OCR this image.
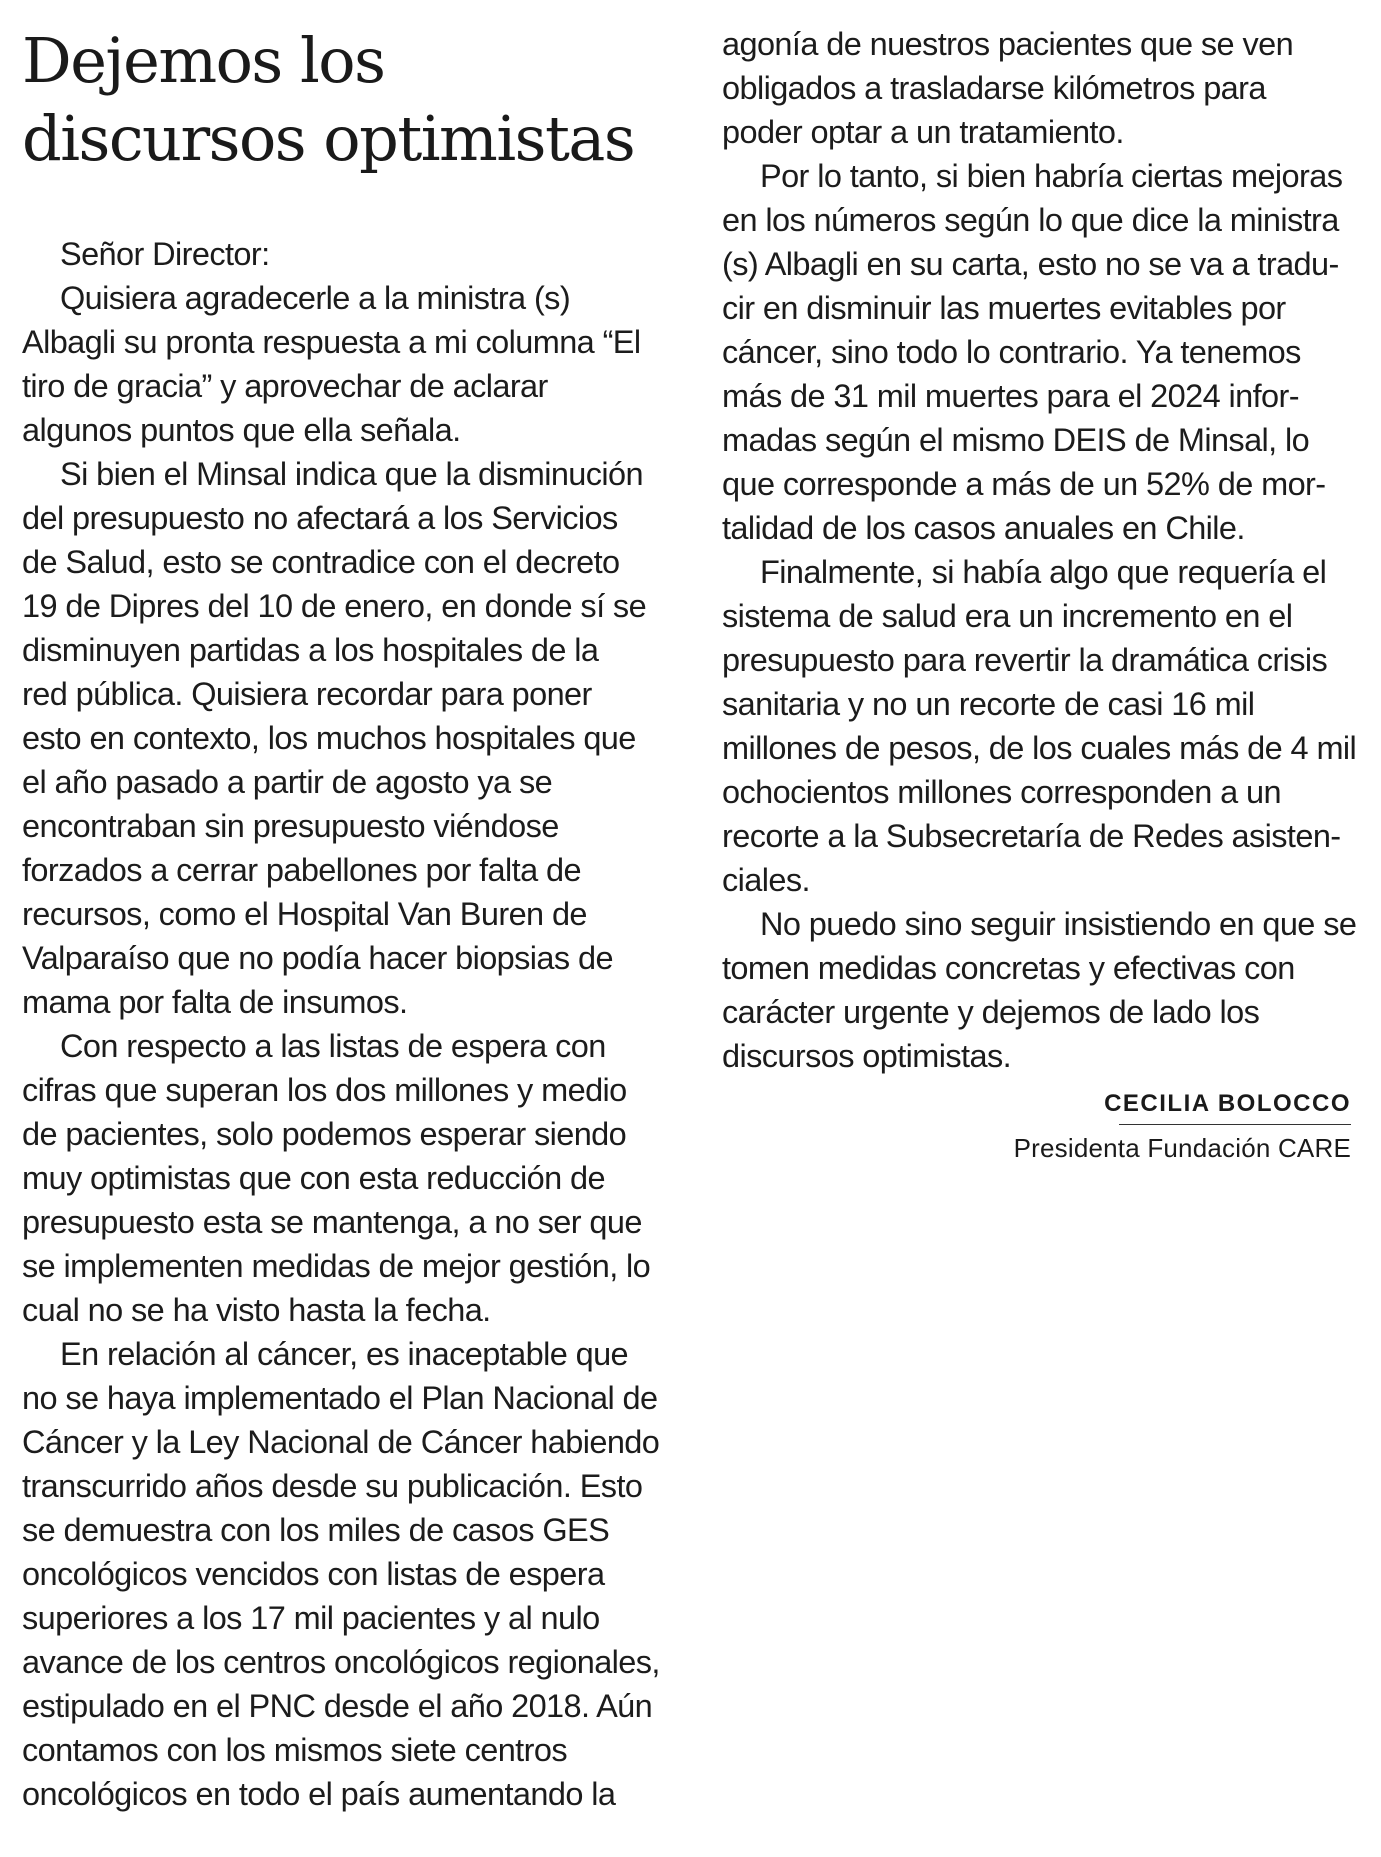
Dejemos los
discursos optimistas
Señor Director:
Quisiera agradecerle a la ministra (s)
Albagli su pronta respuesta a mi columna “El
tiro de gracia” y aprovechar de aclarar
algunos puntos que ella señala.
Si bien el Minsal indica que la disminución
del presupuesto no afectará a los Servicios
de Salud, esto se contradice con el decreto
19 de Dipres del 10 de enero, en donde sí se
disminuyen partidas a los hospitales de la
red pública. Quisiera recordar para poner
esto en contexto, los muchos hospitales que
el año pasado a partir de agosto ya se
encontraban sin presupuesto viéndose
forzados a cerrar pabellones por falta de
recursos, como el Hospital Van Buren de
Valparaíso que no podía hacer biopsias de
mama por falta de insumos.
Con respecto a las listas de espera con
cifras que superan los dos millones y medio
de pacientes, solo podemos esperar siendo
muy optimistas que con esta reducción de
presupuesto esta se mantenga, a no ser que
se implementen medidas de mejor gestión, lo
cual no se ha visto hasta la fecha.
En relación al cáncer, es inaceptable que
no se haya implementado el Plan Nacional de
Cáncer y la Ley Nacional de Cáncer habiendo
transcurrido años desde su publicación. Esto
se demuestra con los miles de casos GES
oncológicos vencidos con listas de espera
superiores a los 17 mil pacientes y al nulo
avance de los centros oncológicos regionales,
estipulado en el PNC desde el año 2018. Aún
contamos con los mismos siete centros
oncológicos en todo el país aumentando la
agonía de nuestros pacientes que se ven
obligados a trasladarse kilómetros para
poder optar a un tratamiento.
Por lo tanto, si bien habría ciertas mejoras
en los números según lo que dice la ministra
(s) Albagli en su carta, esto no se va a tradu-
cir en disminuir las muertes evitables por
cáncer, sino todo lo contrario. Ya tenemos
más de 31 mil muertes para el 2024 infor-
madas según el mismo DEIS de Minsal, lo
que corresponde a más de un 52% de mor-
talidad de los casos anuales en Chile.
Finalmente, si había algo que requería el
sistema de salud era un incremento en el
presupuesto para revertir la dramática crisis
sanitaria y no un recorte de casi 16 mil
millones de pesos, de los cuales más de 4 mil
ochocientos millones corresponden a un
recorte a la Subsecretaría de Redes asisten-
ciales.
No puedo sino seguir insistiendo en que se
tomen medidas concretas y efectivas con
carácter urgente y dejemos de lado los
discursos optimistas.
CECILIA BOLOCCO
Presidenta Fundación CARE
